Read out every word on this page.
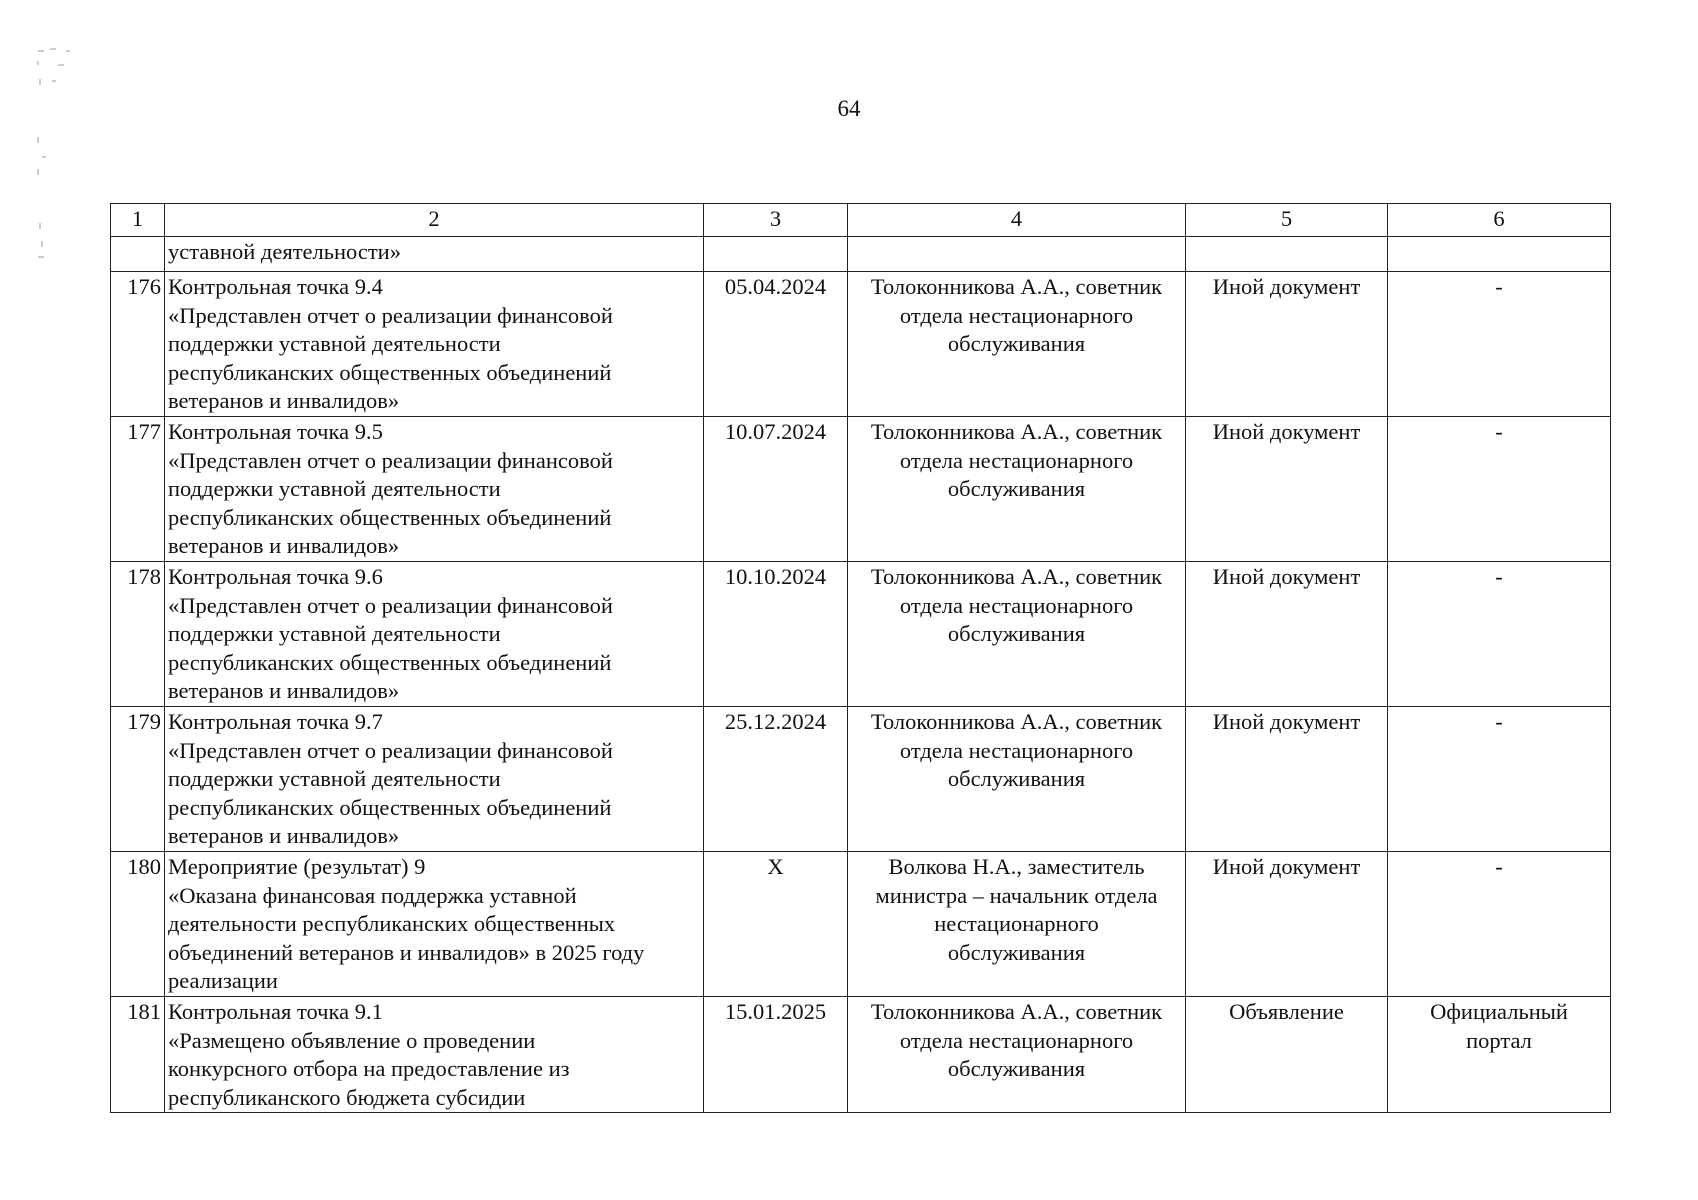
64
1	2	3	4	5	6

	уставной деятельности»				

176	Контрольная точка 9.4
«Представлен отчет о реализации финансовой
поддержки уставной деятельности
республиканских общественных объединений
ветеранов и инвалидов»	05.04.2024	Толоконникова А.А., советник
отдела нестационарного
обслуживания	Иной документ	-

177	Контрольная точка 9.5
«Представлен отчет о реализации финансовой
поддержки уставной деятельности
республиканских общественных объединений
ветеранов и инвалидов»	10.07.2024	Толоконникова А.А., советник
отдела нестационарного
обслуживания	Иной документ	-

178	Контрольная точка 9.6
«Представлен отчет о реализации финансовой
поддержки уставной деятельности
республиканских общественных объединений
ветеранов и инвалидов»	10.10.2024	Толоконникова А.А., советник
отдела нестационарного
обслуживания	Иной документ	-

179	Контрольная точка 9.7
«Представлен отчет о реализации финансовой
поддержки уставной деятельности
республиканских общественных объединений
ветеранов и инвалидов»	25.12.2024	Толоконникова А.А., советник
отдела нестационарного
обслуживания	Иной документ	-

180	Мероприятие (результат) 9
«Оказана финансовая поддержка уставной
деятельности республиканских общественных
объединений ветеранов и инвалидов» в 2025 году
реализации	Х	Волкова Н.А., заместитель
министра – начальник отдела
нестационарного
обслуживания	Иной документ	-

181	Контрольная точка 9.1
«Размещено объявление о проведении
конкурсного отбора на предоставление из
республиканского бюджета субсидии	15.01.2025	Толоконникова А.А., советник
отдела нестационарного
обслуживания	Объявление	Официальный
портал
